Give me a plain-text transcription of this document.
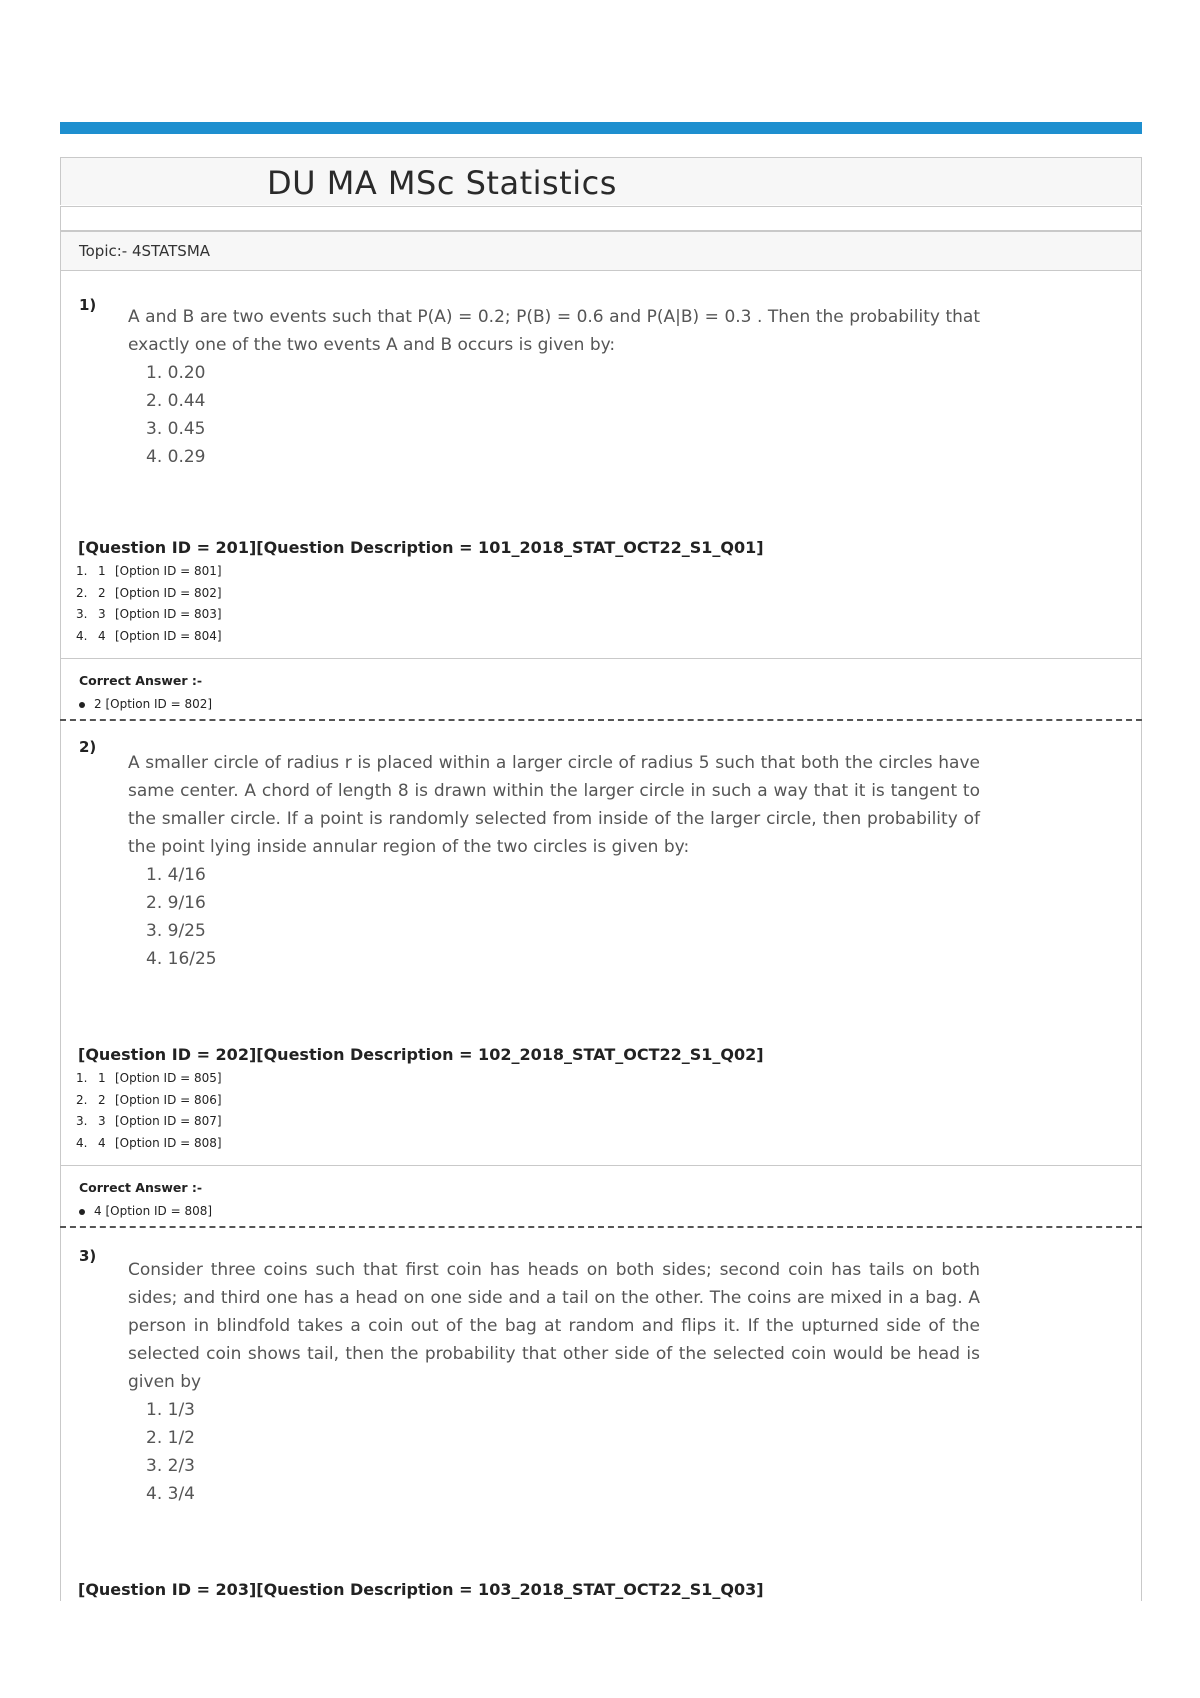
DU MA MSc Statistics
Topic:- 4STATSMA
1)
A and B are two events such that P(A) = 0.2; P(B) = 0.6 and P(A|B) = 0.3 . Then the probability that exactly one of the two events A and B occurs is given by:
1. 0.20
2. 0.44
3. 0.45
4. 0.29
[Question ID = 201][Question Description = 101_2018_STAT_OCT22_S1_Q01]
1. 1 [Option ID = 801]
2. 2 [Option ID = 802]
3. 3 [Option ID = 803]
4. 4 [Option ID = 804]
Correct Answer :-
2 [Option ID = 802]
2)
A smaller circle of radius r is placed within a larger circle of radius 5 such that both the circles have same center. A chord of length 8 is drawn within the larger circle in such a way that it is tangent to the smaller circle. If a point is randomly selected from inside of the larger circle, then probability of the point lying inside annular region of the two circles is given by:
1. 4/16
2. 9/16
3. 9/25
4. 16/25
[Question ID = 202][Question Description = 102_2018_STAT_OCT22_S1_Q02]
1. 1 [Option ID = 805]
2. 2 [Option ID = 806]
3. 3 [Option ID = 807]
4. 4 [Option ID = 808]
Correct Answer :-
4 [Option ID = 808]
3)
Consider three coins such that first coin has heads on both sides; second coin has tails on both sides; and third one has a head on one side and a tail on the other. The coins are mixed in a bag. A person in blindfold takes a coin out of the bag at random and flips it. If the upturned side of the selected coin shows tail, then the probability that other side of the selected coin would be head is given by
1. 1/3
2. 1/2
3. 2/3
4. 3/4
[Question ID = 203][Question Description = 103_2018_STAT_OCT22_S1_Q03]
